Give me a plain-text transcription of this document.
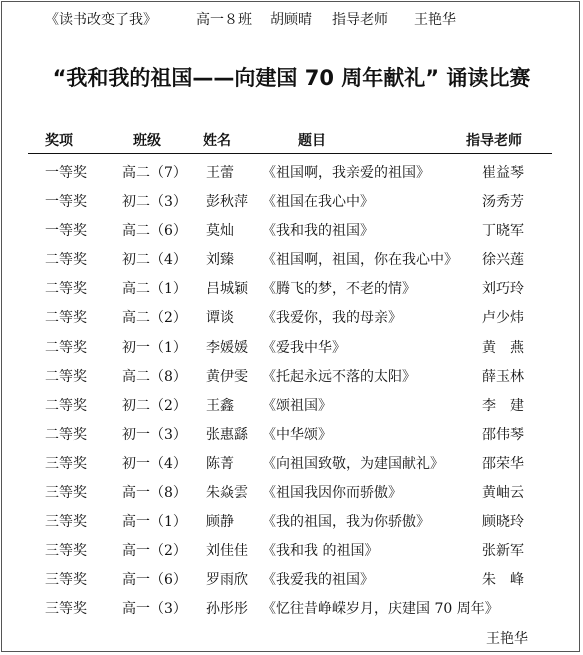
《读书改变了我》	高一８班 胡顾晴 指导老师 王艳华
“我和我的祖国——向建国 70 周年献礼” 诵读比赛
奖项	班级	姓名	题目	指导老师
一等奖	高二（7） 王蕾 《祖国啊，我亲爱的祖国》	崔益琴
一等奖	初二（3） 彭秋萍 《祖国在我心中》	汤秀芳
一等奖	高二（6） 莫灿 《我和我的祖国》	丁晓军
二等奖	初二（4） 刘臻 《祖国啊，祖国，你在我心中》 徐兴莲
二等奖	高二（1） 吕城颖 《腾飞的梦，不老的情》	刘巧玲
二等奖	高二（2） 谭谈 《我爱你，我的母亲》	卢少炜
二等奖	初一（1） 李媛媛 《爱我中华》	黄　燕
二等奖	高二（8） 黄伊雯 《托起永远不落的太阳》	薛玉林
二等奖	初二（2） 王鑫 《颂祖国》	李　建
二等奖	初一（3） 张惠繇 《中华颂》	邵伟琴
三等奖	初一（4） 陈菁 《向祖国致敬，为建国献礼》	邵荣华
三等奖	高一（8） 朱焱雲 《祖国我因你而骄傲》	黄岫云
三等奖	高一（1） 顾静 《我的祖国，我为你骄傲》	顾晓玲
三等奖	高一（2） 刘佳佳 《我和我 的祖国》	张新军
三等奖	高一（6） 罗雨欣 《我爱我的祖国》	朱　峰
三等奖	高一（3） 孙彤彤 《忆往昔峥嵘岁月，庆建国 70 周年》
王艳华
